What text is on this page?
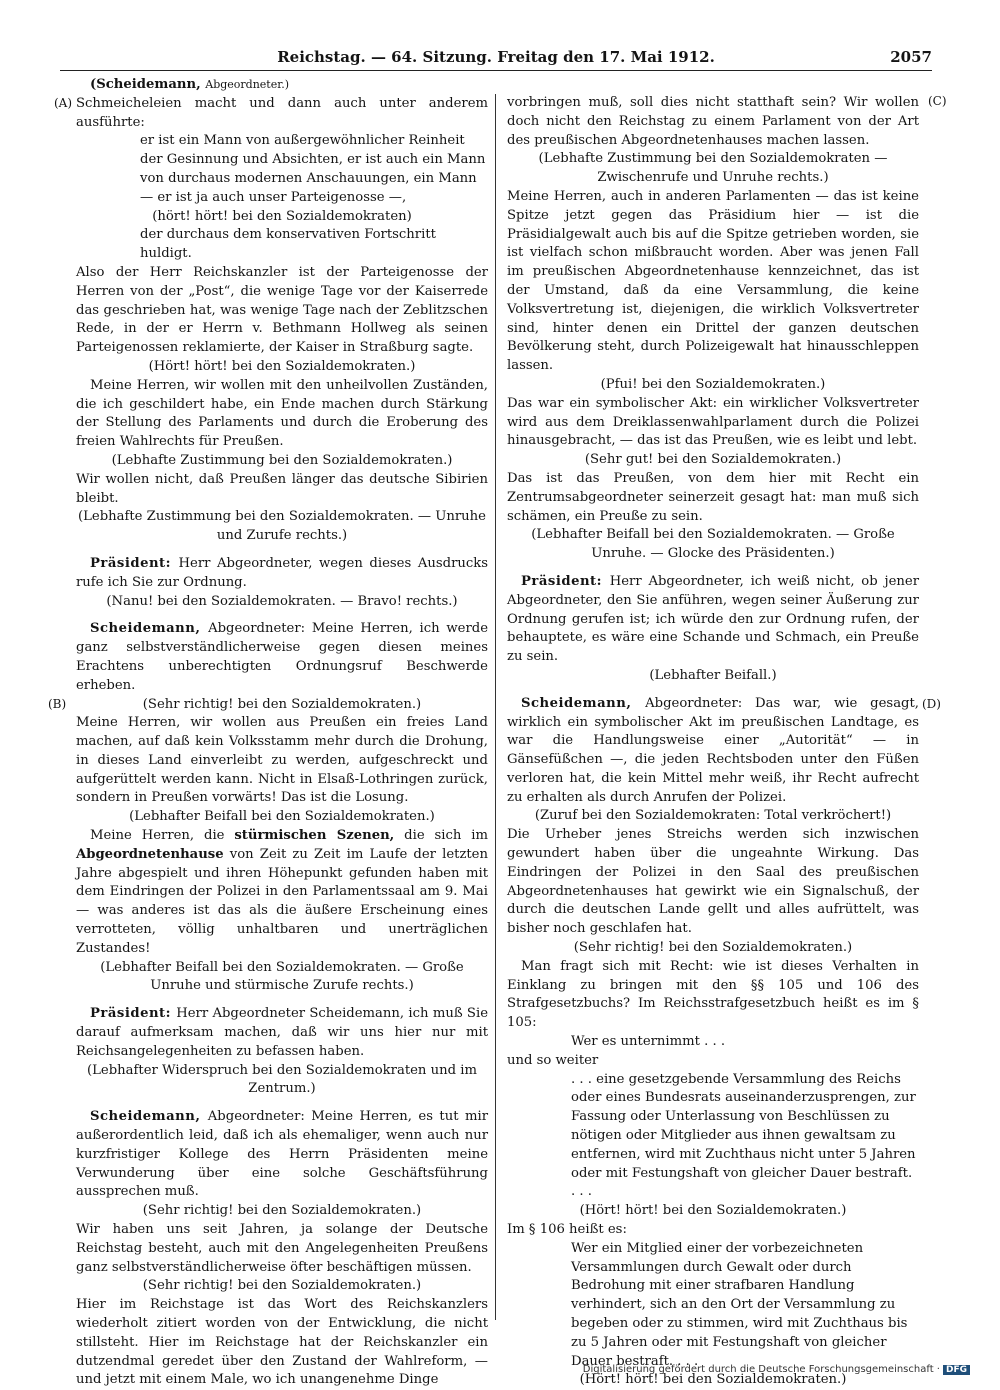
Reichstag. — 64. Sitzung. Freitag den 17. Mai 1912.	2057
(A)
(B)
(C)
(D)

(Scheidemann, Abgeordneter.)

Schmeicheleien macht und dann auch unter anderem ausführte:

er ist ein Mann von außergewöhnlicher Reinheit der Gesinnung und Absichten, er ist auch ein Mann von durchaus modernen Anschauungen, ein Mann — er ist ja auch unser Parteigenosse —,

(hört! hört! bei den Sozialdemokraten)

der durchaus dem konservativen Fortschritt huldigt.

Also der Herr Reichskanzler ist der Parteigenosse der Herren von der „Post“, die wenige Tage vor der Kaiserrede das geschrieben hat, was wenige Tage nach der Zeblitzschen Rede, in der er Herrn v. Bethmann Hollweg als seinen Parteigenossen reklamierte, der Kaiser in Straßburg sagte.

(Hört! hört! bei den Sozialdemokraten.)

Meine Herren, wir wollen mit den unheilvollen Zuständen, die ich geschildert habe, ein Ende machen durch Stärkung der Stellung des Parlaments und durch die Eroberung des freien Wahlrechts für Preußen.

(Lebhafte Zustimmung bei den Sozialdemokraten.)

Wir wollen nicht, daß Preußen länger das deutsche Sibirien bleibt.

(Lebhafte Zustimmung bei den Sozialdemokraten. — Unruhe und Zurufe rechts.)

Präsident: Herr Abgeordneter, wegen dieses Ausdrucks rufe ich Sie zur Ordnung.

(Nanu! bei den Sozialdemokraten. — Bravo! rechts.)

Scheidemann, Abgeordneter: Meine Herren, ich werde ganz selbstverständlicherweise gegen diesen meines Erachtens unberechtigten Ordnungsruf Beschwerde erheben.

(Sehr richtig! bei den Sozialdemokraten.)

Meine Herren, wir wollen aus Preußen ein freies Land machen, auf daß kein Volksstamm mehr durch die Drohung, in dieses Land einverleibt zu werden, aufgeschreckt und aufgerüttelt werden kann. Nicht in Elsaß-Lothringen zurück, sondern in Preußen vorwärts! Das ist die Losung.

(Lebhafter Beifall bei den Sozialdemokraten.)

Meine Herren, die stürmischen Szenen, die sich im Abgeordnetenhause von Zeit zu Zeit im Laufe der letzten Jahre abgespielt und ihren Höhepunkt gefunden haben mit dem Eindringen der Polizei in den Parlamentssaal am 9. Mai — was anderes ist das als die äußere Erscheinung eines verrotteten, völlig unhaltbaren und unerträglichen Zustandes!

(Lebhafter Beifall bei den Sozialdemokraten. — Große Unruhe und stürmische Zurufe rechts.)

Präsident: Herr Abgeordneter Scheidemann, ich muß Sie darauf aufmerksam machen, daß wir uns hier nur mit Reichsangelegenheiten zu befassen haben.

(Lebhafter Widerspruch bei den Sozialdemokraten und im Zentrum.)

Scheidemann, Abgeordneter: Meine Herren, es tut mir außerordentlich leid, daß ich als ehemaliger, wenn auch nur kurzfristiger Kollege des Herrn Präsidenten meine Verwunderung über eine solche Geschäftsführung aussprechen muß.

(Sehr richtig! bei den Sozialdemokraten.)

Wir haben uns seit Jahren, ja solange der Deutsche Reichstag besteht, auch mit den Angelegenheiten Preußens ganz selbstverständlicherweise öfter beschäftigen müssen.

(Sehr richtig! bei den Sozialdemokraten.)

Hier im Reichstage ist das Wort des Reichskanzlers wiederholt zitiert worden von der Entwicklung, die nicht stillsteht. Hier im Reichstage hat der Reichskanzler ein dutzendmal geredet über den Zustand der Wahlreform, — und jetzt mit einem Male, wo ich unangenehme Dinge

vorbringen muß, soll dies nicht statthaft sein? Wir wollen doch nicht den Reichstag zu einem Parlament von der Art des preußischen Abgeordnetenhauses machen lassen.

(Lebhafte Zustimmung bei den Sozialdemokraten — Zwischenrufe und Unruhe rechts.)

Meine Herren, auch in anderen Parlamenten — das ist keine Spitze jetzt gegen das Präsidium hier — ist die Präsidialgewalt auch bis auf die Spitze getrieben worden, sie ist vielfach schon mißbraucht worden. Aber was jenen Fall im preußischen Abgeordnetenhause kennzeichnet, das ist der Umstand, daß da eine Versammlung, die keine Volksvertretung ist, diejenigen, die wirklich Volksvertreter sind, hinter denen ein Drittel der ganzen deutschen Bevölkerung steht, durch Polizeigewalt hat hinausschleppen lassen.

(Pfui! bei den Sozialdemokraten.)

Das war ein symbolischer Akt: ein wirklicher Volksvertreter wird aus dem Dreiklassenwahlparlament durch die Polizei hinausgebracht, — das ist das Preußen, wie es leibt und lebt.

(Sehr gut! bei den Sozialdemokraten.)

Das ist das Preußen, von dem hier mit Recht ein Zentrumsabgeordneter seinerzeit gesagt hat: man muß sich schämen, ein Preuße zu sein.

(Lebhafter Beifall bei den Sozialdemokraten. — Große Unruhe. — Glocke des Präsidenten.)

Präsident: Herr Abgeordneter, ich weiß nicht, ob jener Abgeordneter, den Sie anführen, wegen seiner Äußerung zur Ordnung gerufen ist; ich würde den zur Ordnung rufen, der behauptete, es wäre eine Schande und Schmach, ein Preuße zu sein.

(Lebhafter Beifall.)

Scheidemann, Abgeordneter: Das war, wie gesagt, wirklich ein symbolischer Akt im preußischen Landtage, es war die Handlungsweise einer „Autorität“ — in Gänsefüßchen —, die jeden Rechtsboden unter den Füßen verloren hat, die kein Mittel mehr weiß, ihr Recht aufrecht zu erhalten als durch Anrufen der Polizei.

(Zuruf bei den Sozialdemokraten: Total verkröchert!)

Die Urheber jenes Streichs werden sich inzwischen gewundert haben über die ungeahnte Wirkung. Das Eindringen der Polizei in den Saal des preußischen Abgeordnetenhauses hat gewirkt wie ein Signalschuß, der durch die deutschen Lande gellt und alles aufrüttelt, was bisher noch geschlafen hat.

(Sehr richtig! bei den Sozialdemokraten.)

Man fragt sich mit Recht: wie ist dieses Verhalten in Einklang zu bringen mit den §§ 105 und 106 des Strafgesetzbuchs? Im Reichsstrafgesetzbuch heißt es im § 105:

Wer es unternimmt . . .

und so weiter

. . . eine gesetzgebende Versammlung des Reichs oder eines Bundesrats auseinanderzusprengen, zur Fassung oder Unterlassung von Beschlüssen zu nötigen oder Mitglieder aus ihnen gewaltsam zu entfernen, wird mit Zuchthaus nicht unter 5 Jahren oder mit Festungshaft von gleicher Dauer bestraft. . . .

(Hört! hört! bei den Sozialdemokraten.)

Im § 106 heißt es:

Wer ein Mitglied einer der vorbezeichneten Versammlungen durch Gewalt oder durch Bedrohung mit einer strafbaren Handlung verhindert, sich an den Ort der Versammlung zu begeben oder zu stimmen, wird mit Zuchthaus bis zu 5 Jahren oder mit Festungshaft von gleicher Dauer bestraft. . . .

(Hört! hört! bei den Sozialdemokraten.)

Digitalisierung gefördert durch die Deutsche Forschungsgemeinschaft · DFG
